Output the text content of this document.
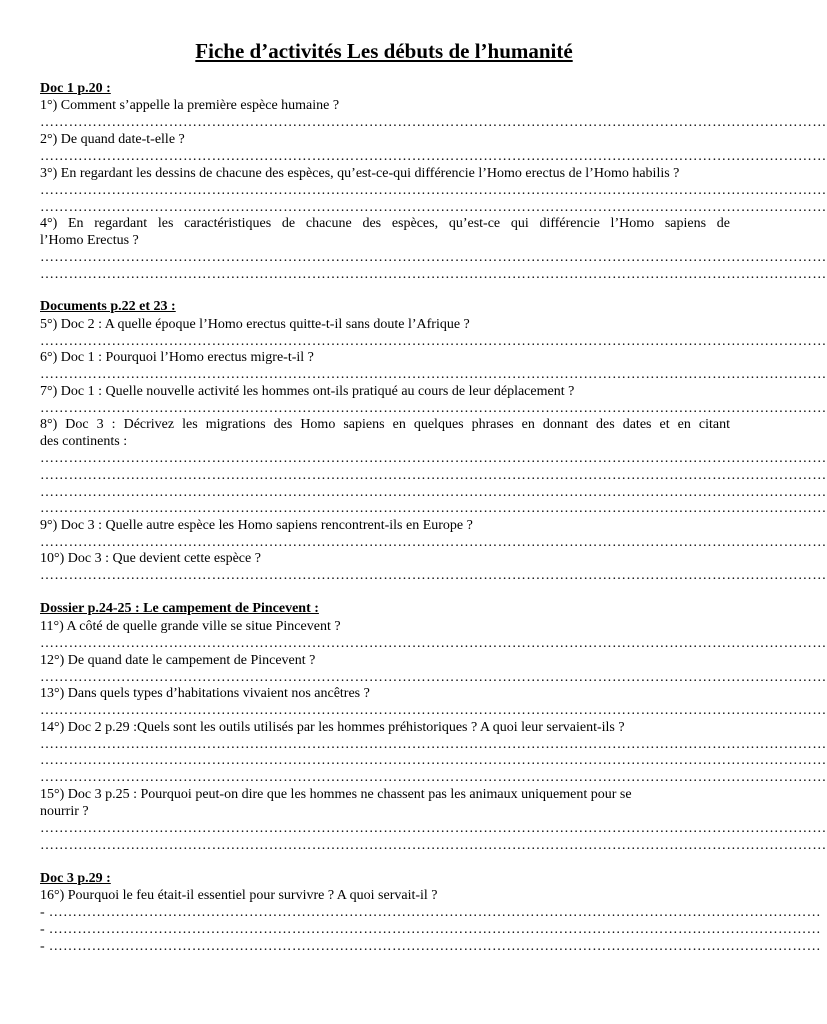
Fiche d’activités Les débuts de l’humanité
Doc 1 p.20 :
1°) Comment s’appelle la première espèce humaine ?
…………………………………………………………………………………………………………………………………………………
2°) De quand date-t-elle ?
…………………………………………………………………………………………………………………………………………………
3°) En regardant les dessins de chacune des espèces, qu’est-ce-qui différencie l’Homo erectus de l’Homo habilis ?
…………………………………………………………………………………………………………………………………………………
…………………………………………………………………………………………………………………………………………………
4°) En regardant les caractéristiques de chacune des espèces, qu’est-ce qui différencie l’Homo sapiens de
l’Homo Erectus ?
…………………………………………………………………………………………………………………………………………………
…………………………………………………………………………………………………………………………………………………
Documents p.22 et 23 :
5°) Doc 2 : A quelle époque l’Homo erectus quitte-t-il sans doute l’Afrique ?
…………………………………………………………………………………………………………………………………………………
6°) Doc 1 : Pourquoi l’Homo erectus migre-t-il ?
…………………………………………………………………………………………………………………………………………………
7°) Doc 1 : Quelle nouvelle activité les hommes ont-ils pratiqué au cours de leur déplacement ?
…………………………………………………………………………………………………………………………………………………
8°) Doc 3 : Décrivez les migrations des Homo sapiens en quelques phrases en donnant des dates et en citant
des continents :
…………………………………………………………………………………………………………………………………………………
…………………………………………………………………………………………………………………………………………………
…………………………………………………………………………………………………………………………………………………
…………………………………………………………………………………………………………………………………………………
9°) Doc 3 : Quelle autre espèce les Homo sapiens rencontrent-ils en Europe ?
…………………………………………………………………………………………………………………………………………………
10°) Doc 3 : Que devient cette espèce ?
…………………………………………………………………………………………………………………………………………………
Dossier p.24-25 : Le campement de Pincevent :
11°) A côté de quelle grande ville se situe Pincevent ?
…………………………………………………………………………………………………………………………………………………
12°) De quand date le campement de Pincevent ?
…………………………………………………………………………………………………………………………………………………
13°) Dans quels types d’habitations vivaient nos ancêtres ?
…………………………………………………………………………………………………………………………………………………
14°) Doc 2 p.29 :Quels sont les outils utilisés par les hommes préhistoriques ? A quoi leur servaient-ils ?
…………………………………………………………………………………………………………………………………………………
…………………………………………………………………………………………………………………………………………………
…………………………………………………………………………………………………………………………………………………
15°) Doc 3 p.25 : Pourquoi peut-on dire que les hommes ne chassent pas les animaux uniquement pour se
nourrir ?
…………………………………………………………………………………………………………………………………………………
…………………………………………………………………………………………………………………………………………………
Doc 3 p.29 :
16°) Pourquoi le feu était-il essentiel pour survivre ? A quoi servait-il ?
- ………………………………………………………………………………………………………………………………………………
- ………………………………………………………………………………………………………………………………………………
- ………………………………………………………………………………………………………………………………………………
